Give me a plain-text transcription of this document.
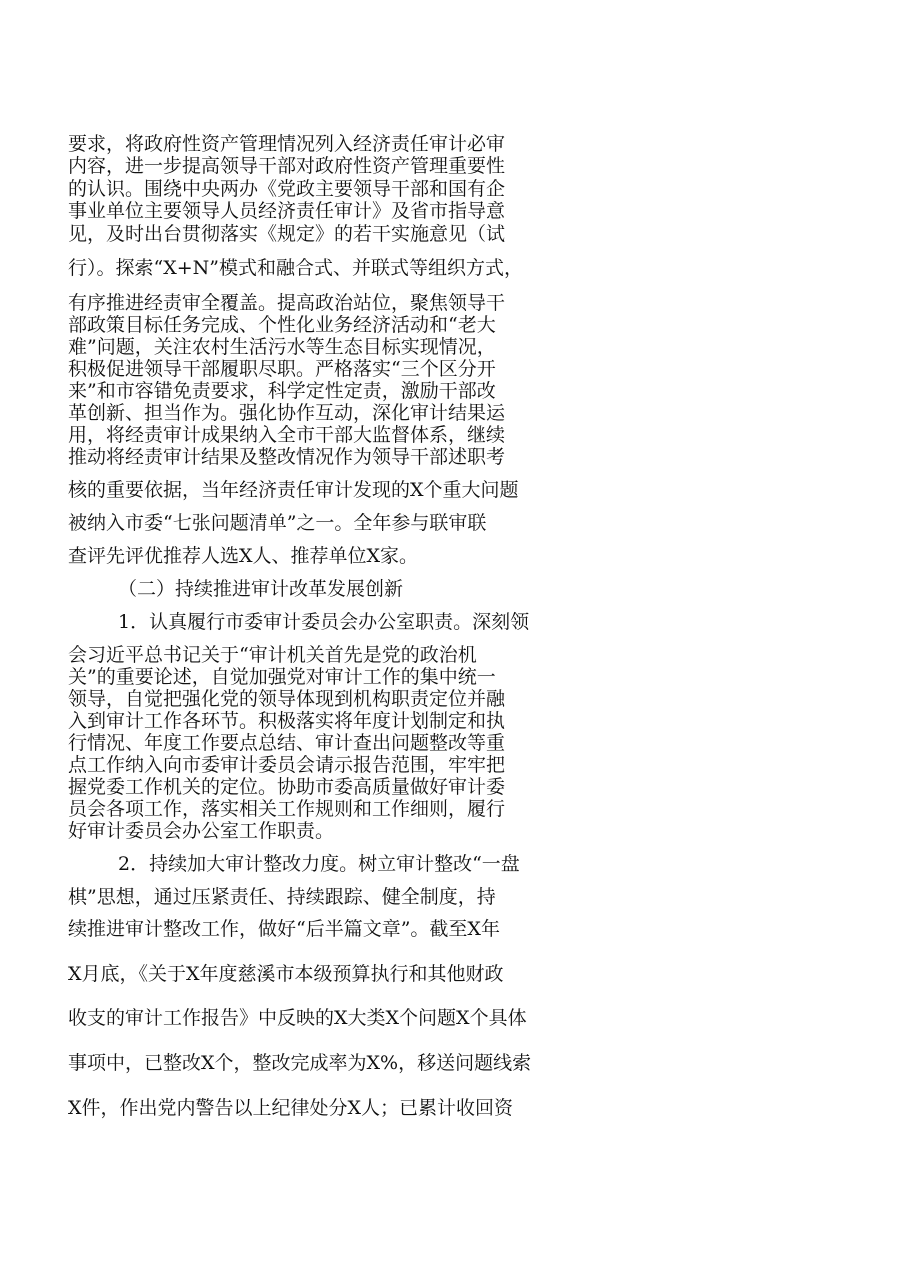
要求，将政府性资产管理情况列入经济责任审计必审
内容，进一步提高领导干部对政府性资产管理重要性
的认识。围绕中央两办《党政主要领导干部和国有企
事业单位主要领导人员经济责任审计》及省市指导意
见，及时出台贯彻落实《规定》的若干实施意见（试
行）。探索“X+N”模式和融合式、并联式等组织方式，
有序推进经责审全覆盖。提高政治站位，聚焦领导干
部政策目标任务完成、个性化业务经济活动和“老大
难”问题，关注农村生活污水等生态目标实现情况，
积极促进领导干部履职尽职。严格落实“三个区分开
来”和市容错免责要求，科学定性定责，激励干部改
革创新、担当作为。强化协作互动，深化审计结果运
用，将经责审计成果纳入全市干部大监督体系，继续
推动将经责审计结果及整改情况作为领导干部述职考
核的重要依据，当年经济责任审计发现的X个重大问题
被纳入市委“七张问题清单”之一。全年参与联审联
查评先评优推荐人选X人、推荐单位X家。
（二）持续推进审计改革发展创新
1．认真履行市委审计委员会办公室职责。深刻领
会习近平总书记关于“审计机关首先是党的政治机
关”的重要论述，自觉加强党对审计工作的集中统一
领导，自觉把强化党的领导体现到机构职责定位并融
入到审计工作各环节。积极落实将年度计划制定和执
行情况、年度工作要点总结、审计查出问题整改等重
点工作纳入向市委审计委员会请示报告范围，牢牢把
握党委工作机关的定位。协助市委高质量做好审计委
员会各项工作，落实相关工作规则和工作细则，履行
好审计委员会办公室工作职责。
2．持续加大审计整改力度。树立审计整改“一盘
棋”思想，通过压紧责任、持续跟踪、健全制度，持
续推进审计整改工作，做好“后半篇文章”。截至X年
X月底，《关于X年度慈溪市本级预算执行和其他财政
收支的审计工作报告》中反映的X大类X个问题X个具体
事项中，已整改X个，整改完成率为X%，移送问题线索
X件，作出党内警告以上纪律处分X人；已累计收回资
